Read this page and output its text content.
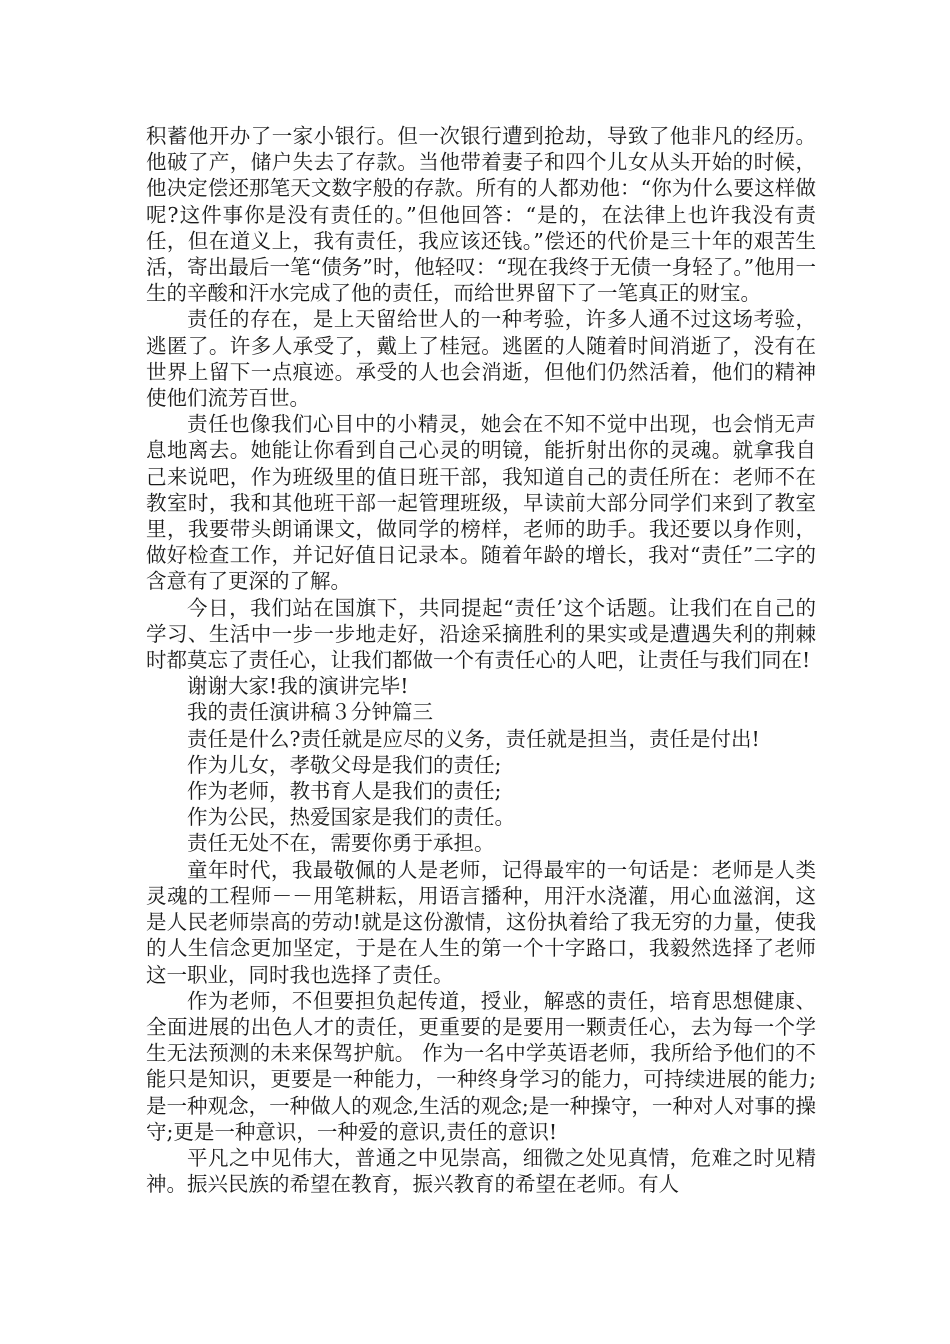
积蓄他开办了一家小银行。但一次银行遭到抢劫，导致了他非凡的经历。他破了产，储户失去了存款。当他带着妻子和四个儿女从头开始的时候，他决定偿还那笔天文数字般的存款。所有的人都劝他：“你为什么要这样做呢?这件事你是没有责任的。”但他回答：“是的，在法律上也许我没有责任，但在道义上，我有责任，我应该还钱。”偿还的代价是三十年的艰苦生活，寄出最后一笔“债务”时，他轻叹：“现在我终于无债一身轻了。”他用一生的辛酸和汗水完成了他的责任，而给世界留下了一笔真正的财宝。

责任的存在，是上天留给世人的一种考验，许多人通不过这场考验，逃匿了。许多人承受了，戴上了桂冠。逃匿的人随着时间消逝了，没有在世界上留下一点痕迹。承受的人也会消逝，但他们仍然活着，他们的精神使他们流芳百世。

责任也像我们心目中的小精灵，她会在不知不觉中出现，也会悄无声息地离去。她能让你看到自己心灵的明镜，能折射出你的灵魂。就拿我自己来说吧，作为班级里的值日班干部，我知道自己的责任所在：老师不在教室时，我和其他班干部一起管理班级，早读前大部分同学们来到了教室里，我要带头朗诵课文，做同学的榜样，老师的助手。我还要以身作则，做好检查工作，并记好值日记录本。随着年龄的增长，我对“责任”二字的含意有了更深的了解。

今日，我们站在国旗下，共同提起“责任’这个话题。让我们在自己的学习、生活中一步一步地走好，沿途采摘胜利的果实或是遭遇失利的荆棘时都莫忘了责任心，让我们都做一个有责任心的人吧，让责任与我们同在!

谢谢大家!我的演讲完毕!

我的责任演讲稿３分钟篇三

责任是什么?责任就是应尽的义务，责任就是担当，责任是付出!

作为儿女，孝敬父母是我们的责任;

作为老师，教书育人是我们的责任;

作为公民，热爱国家是我们的责任。

责任无处不在，需要你勇于承担。

童年时代，我最敬佩的人是老师，记得最牢的一句话是：老师是人类灵魂的工程师－－用笔耕耘，用语言播种，用汗水浇灌，用心血滋润，这是人民老师崇高的劳动!就是这份激情，这份执着给了我无穷的力量，使我的人生信念更加坚定，于是在人生的第一个十字路口，我毅然选择了老师这一职业，同时我也选择了责任。

作为老师，不但要担负起传道，授业，解惑的责任，培育思想健康、全面进展的出色人才的责任，更重要的是要用一颗责任心，去为每一个学生无法预测的未来保驾护航。 作为一名中学英语老师，我所给予他们的不能只是知识，更要是一种能力，一种终身学习的能力，可持续进展的能力;是一种观念，一种做人的观念,生活的观念;是一种操守，一种对人对事的操守;更是一种意识，一种爱的意识,责任的意识!

平凡之中见伟大，普通之中见崇高，细微之处见真情，危难之时见精神。振兴民族的希望在教育，振兴教育的希望在老师。有人
